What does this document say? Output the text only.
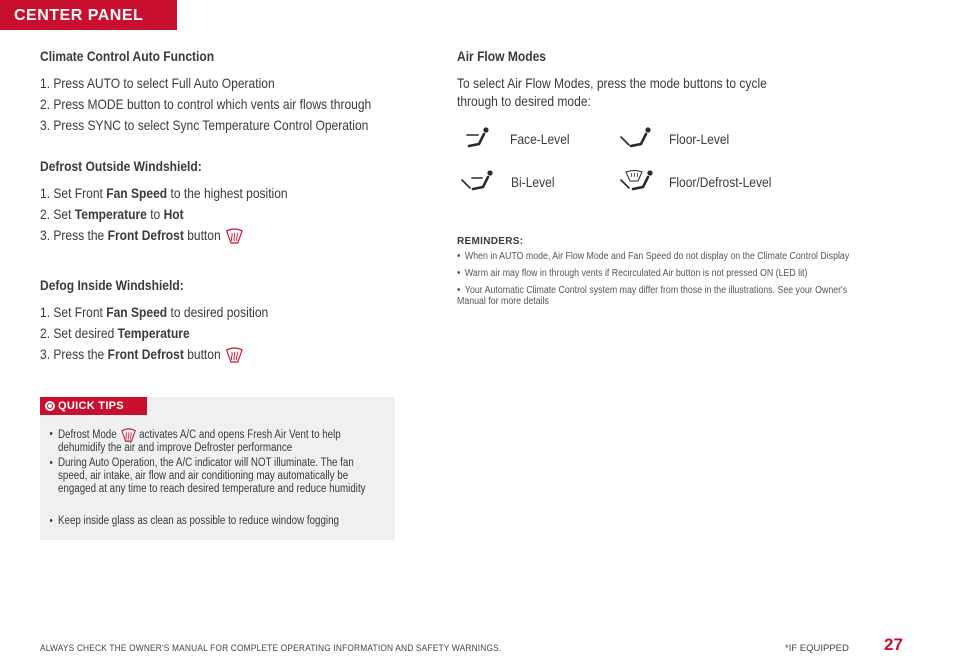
CENTER PANEL
Climate Control Auto Function
1. Press AUTO to select Full Auto Operation
2. Press MODE button to control which vents air flows through
3. Press SYNC to select Sync Temperature Control Operation
Defrost Outside Windshield:
1. Set Front Fan Speed to the highest position
2. Set Temperature to Hot
3. Press the Front Defrost button
Defog Inside Windshield:
1. Set Front Fan Speed to desired position
2. Set desired Temperature
3. Press the Front Defrost button
QUICK TIPS
• Defrost Mode  activates A/C and opens Fresh Air Vent to help dehumidify the air and improve Defroster performance
• During Auto Operation, the A/C indicator will NOT illuminate. The fan speed, air intake, air flow and air conditioning may automatically be engaged at any time to reach desired temperature and reduce humidity
• Keep inside glass as clean as possible to reduce window fogging
Air Flow Modes
To select Air Flow Modes, press the mode buttons to cycle
through to desired mode:
Face-Level	Floor-Level
Bi-Level	Floor/Defrost-Level
REMINDERS:
• When in AUTO mode, Air Flow Mode and Fan Speed do not display on the Climate Control Display
• Warm air may flow in through vents if Recirculated Air button is not pressed ON (LED lit)
• Your Automatic Climate Control system may differ from those in the illustrations. See your Owner's Manual for more details
ALWAYS CHECK THE OWNER'S MANUAL FOR COMPLETE OPERATING INFORMATION AND SAFETY WARNINGS.	*IF EQUIPPED 27
